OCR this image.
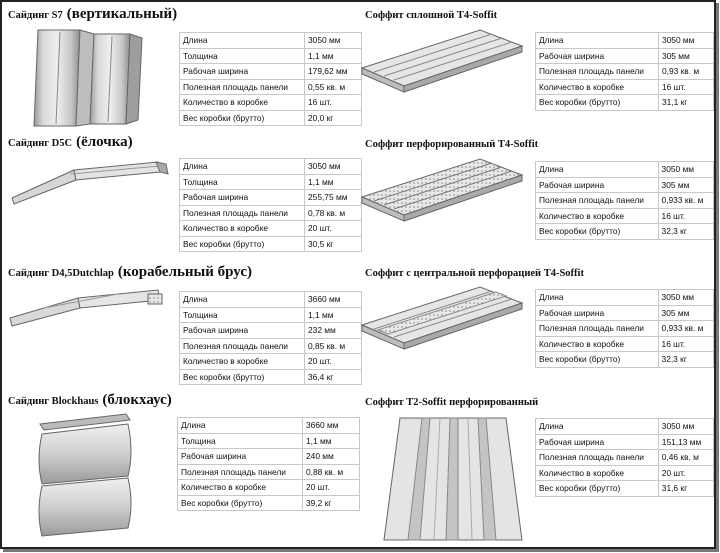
Сайдинг S7 (вертикальный)
Длина	3050 мм
Толщина	1,1 мм
Рабочая ширина	179,62 мм
Полезная площадь панели	0,55 кв. м
Количество в коробке	16 шт.
Вес коробки (брутто)	20,0 кг
Соффит сплошной T4-Soffit
Длина	3050 мм
Рабочая ширина	305 мм
Полезная площадь панели	0,93 кв. м
Количество в коробке	16 шт.
Вес коробки (брутто)	31,1 кг
Сайдинг D5C (ёлочка)
Длина	3050 мм
Толщина	1,1 мм
Рабочая ширина	255,75 мм
Полезная площадь панели	0,78 кв. м
Количество в коробке	20 шт.
Вес коробки (брутто)	30,5 кг
Соффит перфорированный T4-Soffit
Длина	3050 мм
Рабочая ширина	305 мм
Полезная площадь панели	0,933 кв. м
Количество в коробке	16 шт.
Вес коробки (брутто)	32,3 кг
Сайдинг D4,5Dutchlap (корабельный брус)
Длина	3660 мм
Толщина	1,1 мм
Рабочая ширина	232 мм
Полезная площадь панели	0,85 кв. м
Количество в коробке	20 шт.
Вес коробки (брутто)	36,4 кг
Соффит с центральной перфорацией T4-Soffit
Длина	3050 мм
Рабочая ширина	305 мм
Полезная площадь панели	0,933 кв. м
Количество в коробке	16 шт.
Вес коробки (брутто)	32,3 кг
Сайдинг Blockhaus (блокхаус)
Длина	3660 мм
Толщина	1,1 мм
Рабочая ширина	240 мм
Полезная площадь панели	0,88 кв. м
Количество в коробке	20 шт.
Вес коробки (брутто)	39,2 кг
Соффит T2-Soffit перфорированный
Длина	3050 мм
Рабочая ширина	151,13 мм
Полезная площадь панели	0,46 кв. м
Количество в коробке	20 шт.
Вес коробки (брутто)	31,6 кг
